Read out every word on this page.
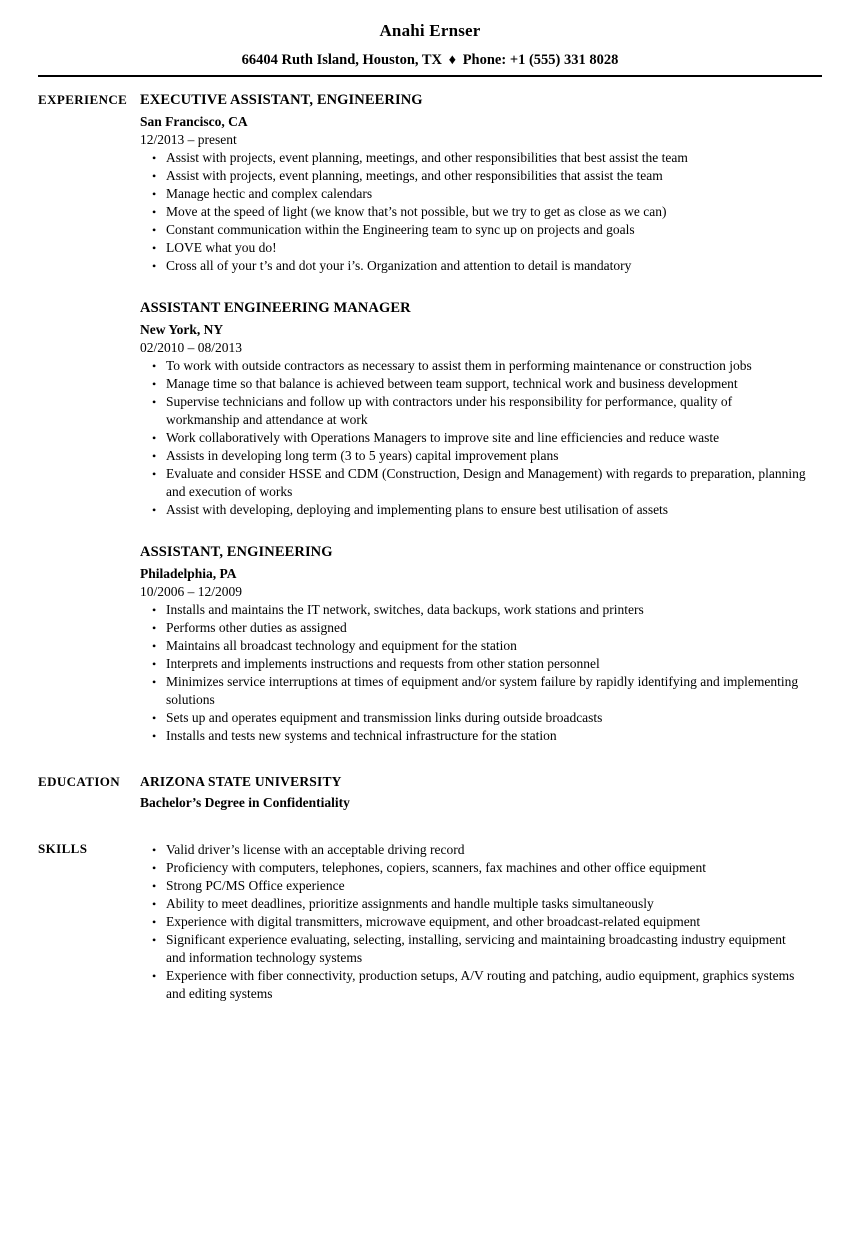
Anahi Ernser
66404 Ruth Island, Houston, TX ♦ Phone: +1 (555) 331 8028
EXPERIENCE EXECUTIVE ASSISTANT, ENGINEERING
San Francisco, CA
12/2013 – present
• Assist with projects, event planning, meetings, and other responsibilities that best assist the team
• Assist with projects, event planning, meetings, and other responsibilities that assist the team
• Manage hectic and complex calendars
• Move at the speed of light (we know that’s not possible, but we try to get as close as we can)
• Constant communication within the Engineering team to sync up on projects and goals
• LOVE what you do!
• Cross all of your t’s and dot your i’s. Organization and attention to detail is mandatory
ASSISTANT ENGINEERING MANAGER
New York, NY
02/2010 – 08/2013
• To work with outside contractors as necessary to assist them in performing maintenance or construction jobs
• Manage time so that balance is achieved between team support, technical work and business development
• Supervise technicians and follow up with contractors under his responsibility for performance, quality of workmanship and attendance at work
• Work collaboratively with Operations Managers to improve site and line efficiencies and reduce waste
• Assists in developing long term (3 to 5 years) capital improvement plans
• Evaluate and consider HSSE and CDM (Construction, Design and Management) with regards to preparation, planning and execution of works
• Assist with developing, deploying and implementing plans to ensure best utilisation of assets
ASSISTANT, ENGINEERING
Philadelphia, PA
10/2006 – 12/2009
• Installs and maintains the IT network, switches, data backups, work stations and printers
• Performs other duties as assigned
• Maintains all broadcast technology and equipment for the station
• Interprets and implements instructions and requests from other station personnel
• Minimizes service interruptions at times of equipment and/or system failure by rapidly identifying and implementing solutions
• Sets up and operates equipment and transmission links during outside broadcasts
• Installs and tests new systems and technical infrastructure for the station
EDUCATION	ARIZONA STATE UNIVERSITY
Bachelor’s Degree in Confidentiality
SKILLS	• Valid driver’s license with an acceptable driving record
• Proficiency with computers, telephones, copiers, scanners, fax machines and other office equipment
• Strong PC/MS Office experience
• Ability to meet deadlines, prioritize assignments and handle multiple tasks simultaneously
• Experience with digital transmitters, microwave equipment, and other broadcast-related equipment
• Significant experience evaluating, selecting, installing, servicing and maintaining broadcasting industry equipment and information technology systems
• Experience with fiber connectivity, production setups, A/V routing and patching, audio equipment, graphics systems and editing systems
